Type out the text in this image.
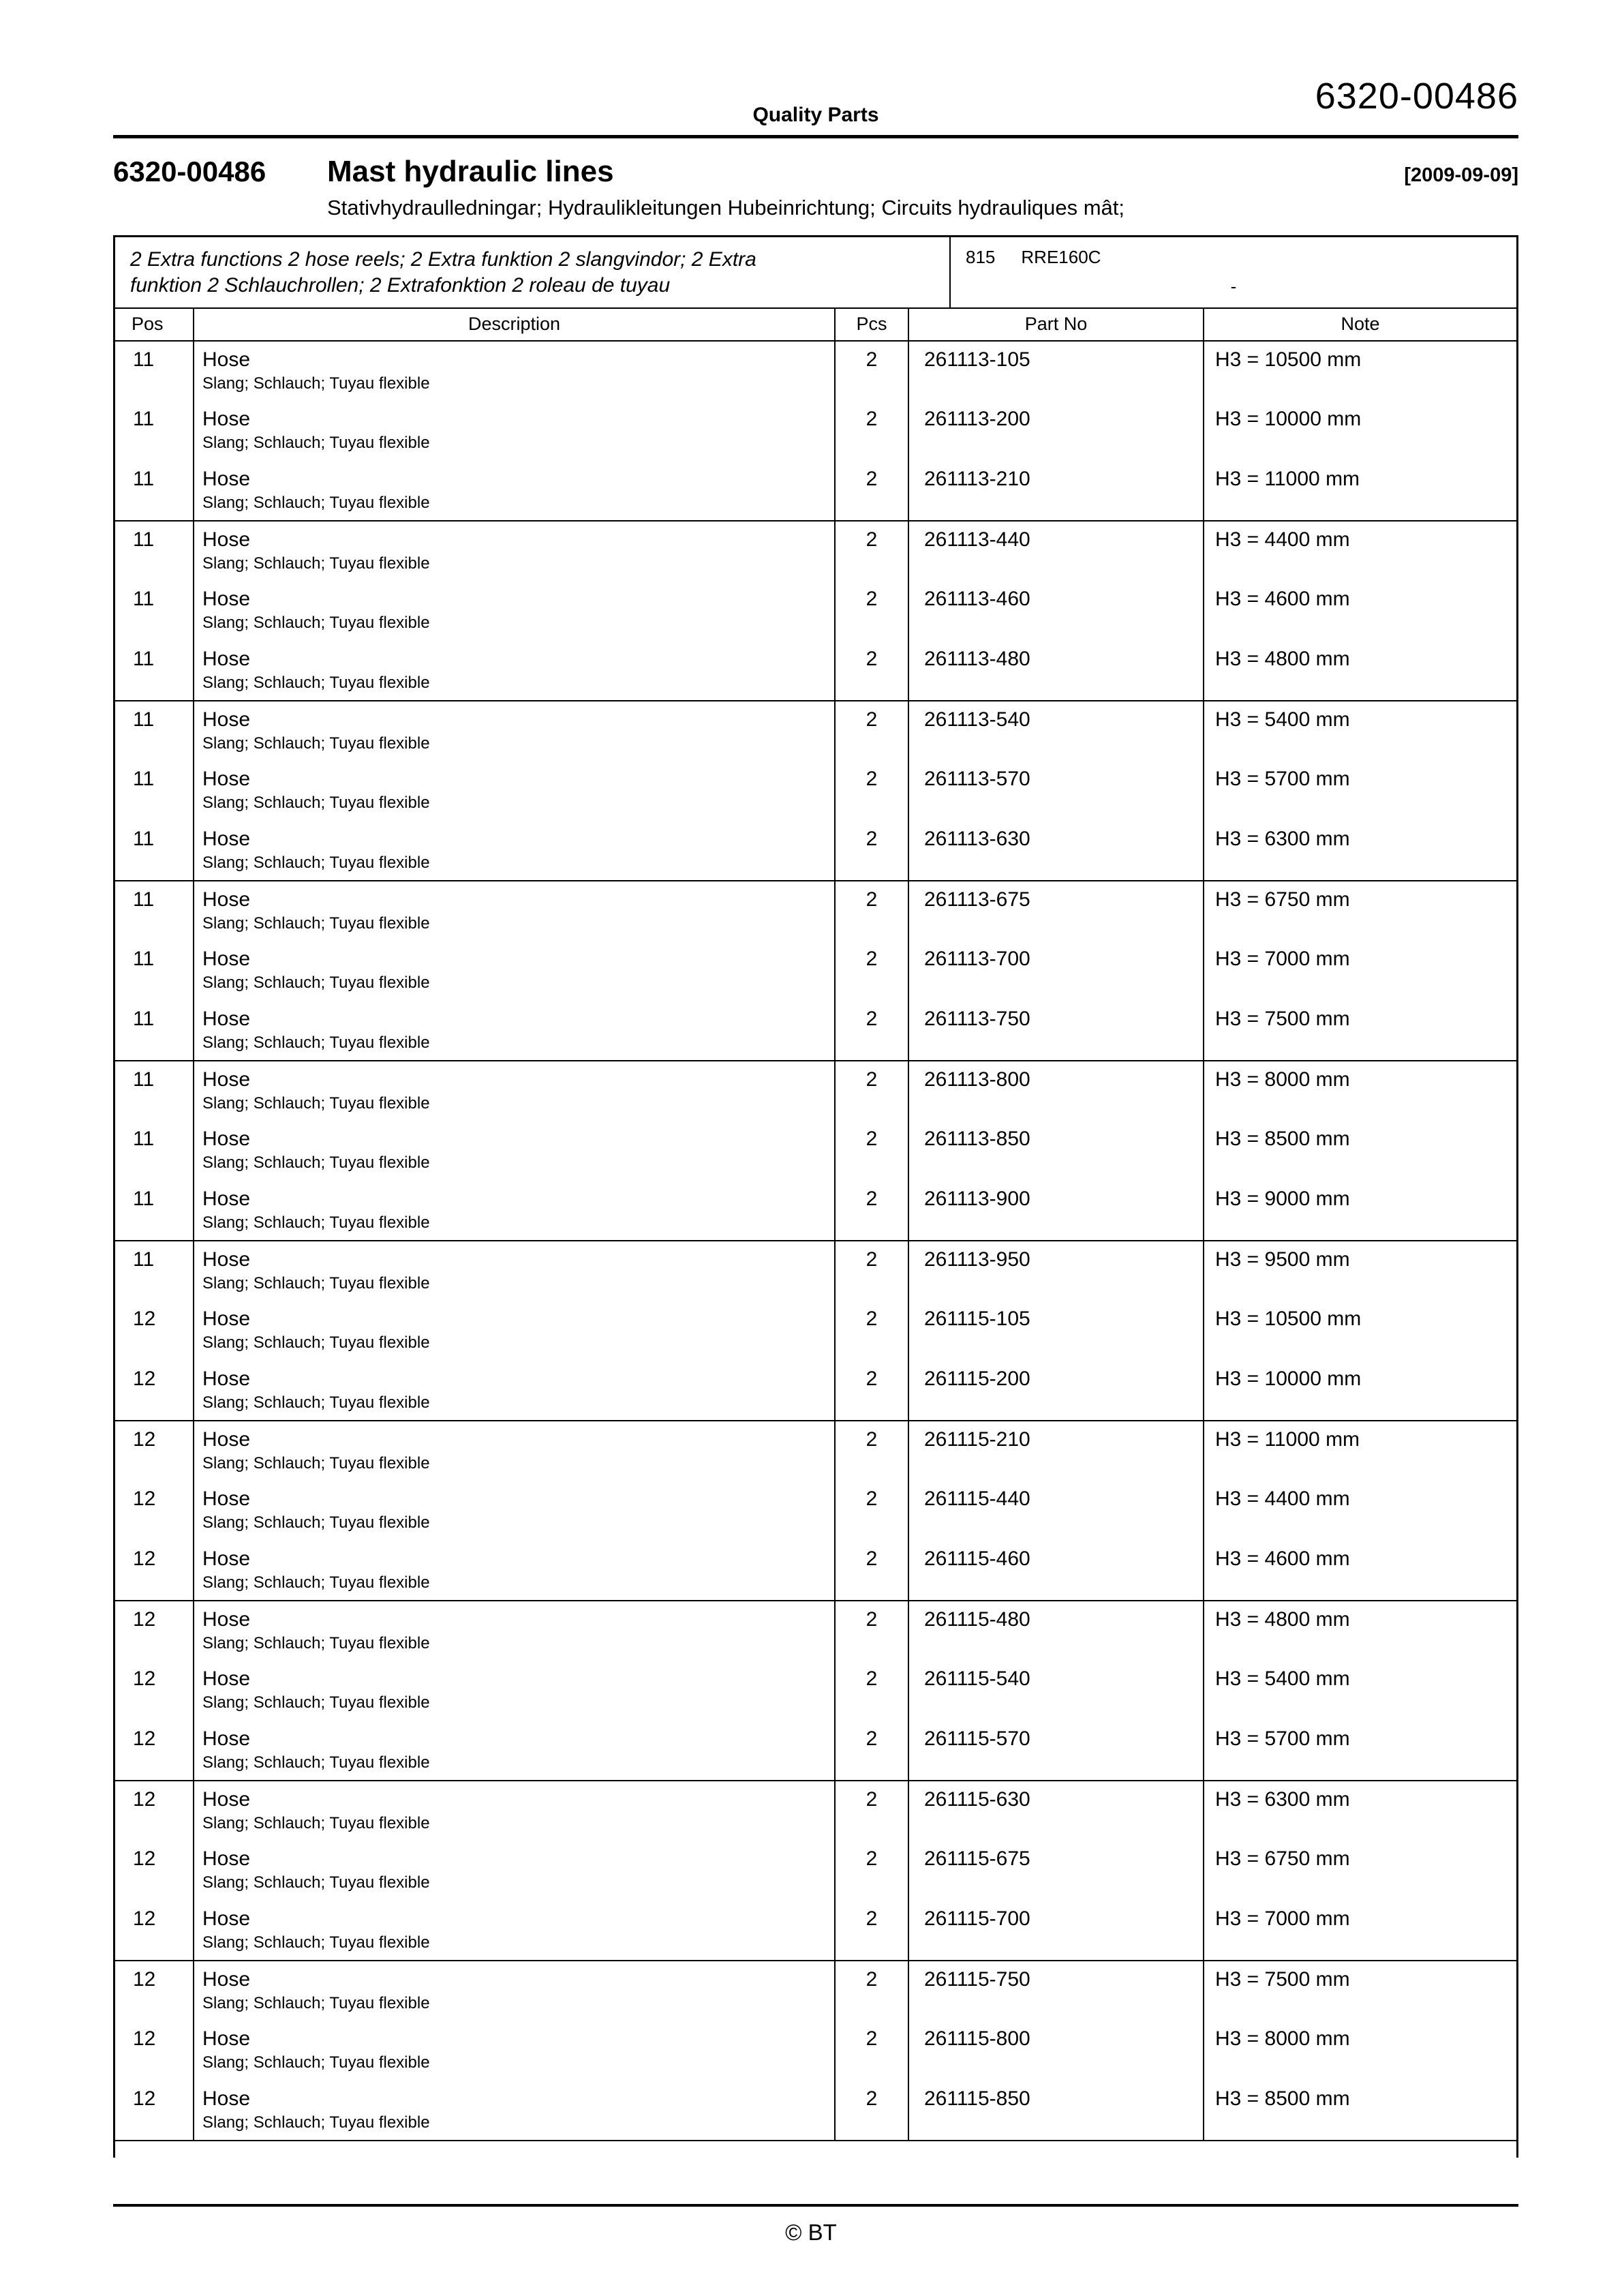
Quality Parts	6320-00486
6320-00486	Mast hydraulic lines	[2009-09-09]
Stativhydraulledningar; Hydraulikleitungen Hubeinrichtung; Circuits hydrauliques mât;
2 Extra functions 2 hose reels; 2 Extra funktion 2 slangvindor; 2 Extra
funktion 2 Schlauchrollen; 2 Extrafonktion 2 roleau de tuyau
815 RRE160C
-
Pos	Description	Pcs	Part No	Note
11	Hose
Slang; Schlauch; Tuyau flexible	2	261113-105	H3 = 10500 mm
11	Hose
Slang; Schlauch; Tuyau flexible	2	261113-200	H3 = 10000 mm
11	Hose
Slang; Schlauch; Tuyau flexible	2	261113-210	H3 = 11000 mm
11	Hose
Slang; Schlauch; Tuyau flexible	2	261113-440	H3 = 4400 mm
11	Hose
Slang; Schlauch; Tuyau flexible	2	261113-460	H3 = 4600 mm
11	Hose
Slang; Schlauch; Tuyau flexible	2	261113-480	H3 = 4800 mm
11	Hose
Slang; Schlauch; Tuyau flexible	2	261113-540	H3 = 5400 mm
11	Hose
Slang; Schlauch; Tuyau flexible	2	261113-570	H3 = 5700 mm
11	Hose
Slang; Schlauch; Tuyau flexible	2	261113-630	H3 = 6300 mm
11	Hose
Slang; Schlauch; Tuyau flexible	2	261113-675	H3 = 6750 mm
11	Hose
Slang; Schlauch; Tuyau flexible	2	261113-700	H3 = 7000 mm
11	Hose
Slang; Schlauch; Tuyau flexible	2	261113-750	H3 = 7500 mm
11	Hose
Slang; Schlauch; Tuyau flexible	2	261113-800	H3 = 8000 mm
11	Hose
Slang; Schlauch; Tuyau flexible	2	261113-850	H3 = 8500 mm
11	Hose
Slang; Schlauch; Tuyau flexible	2	261113-900	H3 = 9000 mm
11	Hose
Slang; Schlauch; Tuyau flexible	2	261113-950	H3 = 9500 mm
12	Hose
Slang; Schlauch; Tuyau flexible	2	261115-105	H3 = 10500 mm
12	Hose
Slang; Schlauch; Tuyau flexible	2	261115-200	H3 = 10000 mm
12	Hose
Slang; Schlauch; Tuyau flexible	2	261115-210	H3 = 11000 mm
12	Hose
Slang; Schlauch; Tuyau flexible	2	261115-440	H3 = 4400 mm
12	Hose
Slang; Schlauch; Tuyau flexible	2	261115-460	H3 = 4600 mm
12	Hose
Slang; Schlauch; Tuyau flexible	2	261115-480	H3 = 4800 mm
12	Hose
Slang; Schlauch; Tuyau flexible	2	261115-540	H3 = 5400 mm
12	Hose
Slang; Schlauch; Tuyau flexible	2	261115-570	H3 = 5700 mm
12	Hose
Slang; Schlauch; Tuyau flexible	2	261115-630	H3 = 6300 mm
12	Hose
Slang; Schlauch; Tuyau flexible	2	261115-675	H3 = 6750 mm
12	Hose
Slang; Schlauch; Tuyau flexible	2	261115-700	H3 = 7000 mm
12	Hose
Slang; Schlauch; Tuyau flexible	2	261115-750	H3 = 7500 mm
12	Hose
Slang; Schlauch; Tuyau flexible	2	261115-800	H3 = 8000 mm
12	Hose
Slang; Schlauch; Tuyau flexible	2	261115-850	H3 = 8500 mm
© BT
